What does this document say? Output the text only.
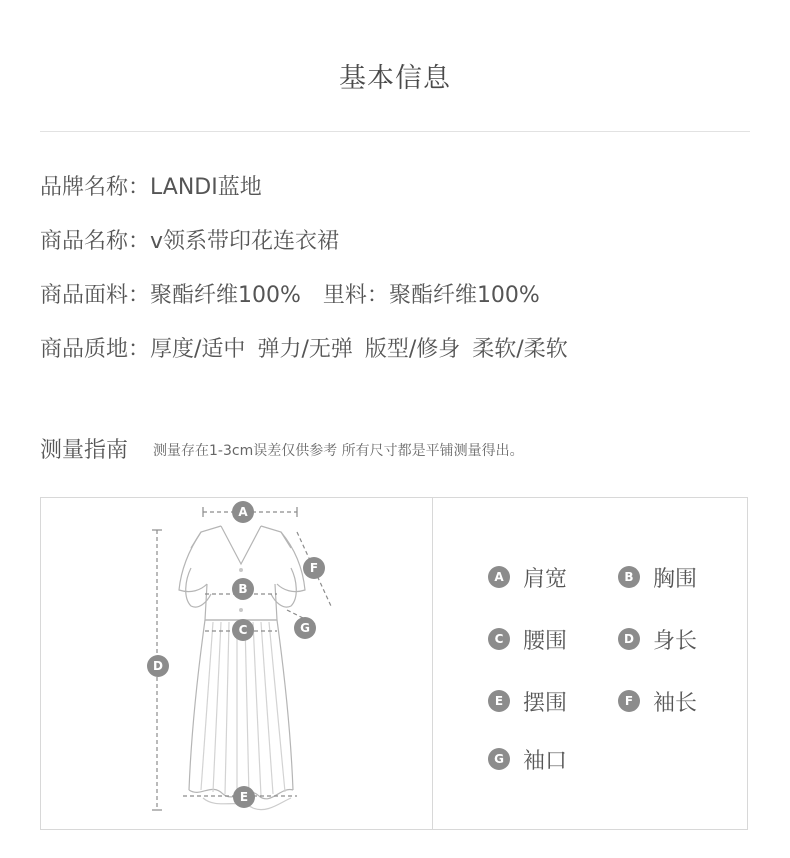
基本信息
品牌名称：LANDI蓝地
商品名称：v领系带印花连衣裙
商品面料：聚酯纤维100% 里料：聚酯纤维100%
商品质地：厚度/适中 弹力/无弹 版型/修身 柔软/柔软
测量指南 测量存在1-3cm误差仅供参考 所有尺寸都是平铺测量得出。
A
B
C
D
E
F
G
A 肩宽	B 胸围
C 腰围	D 身长
E 摆围	F 袖长
G 袖口
